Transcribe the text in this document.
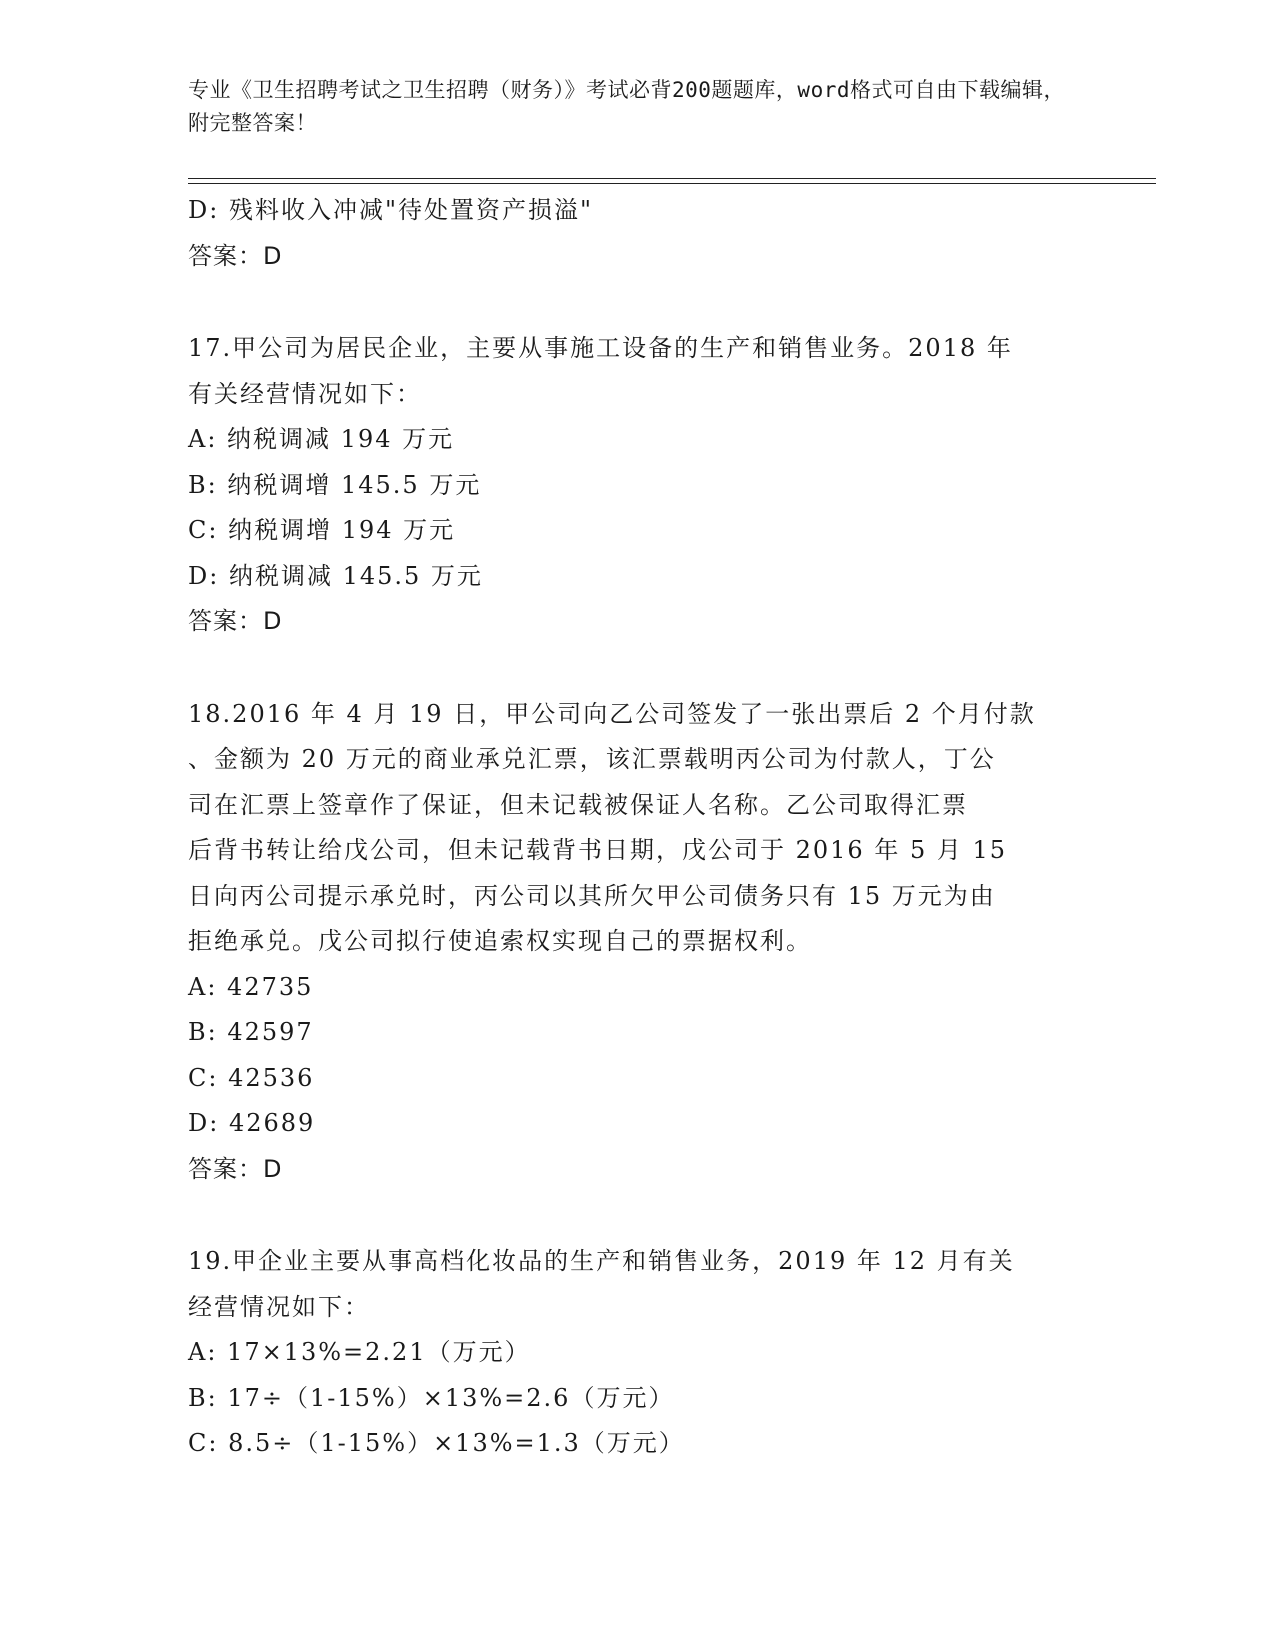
专业《卫生招聘考试之卫生招聘（财务）》考试必背200题题库，word格式可自由下载编辑，附完整答案！
D: 残料收入冲减"待处置资产损溢"
答案：D
17.甲公司为居民企业，主要从事施工设备的生产和销售业务。2018 年
有关经营情况如下：
A: 纳税调减 194 万元
B: 纳税调增 145.5 万元
C: 纳税调增 194 万元
D: 纳税调减 145.5 万元
答案：D
18.2016 年 4 月 19 日，甲公司向乙公司签发了一张出票后 2 个月付款
、金额为 20 万元的商业承兑汇票，该汇票载明丙公司为付款人，丁公
司在汇票上签章作了保证，但未记载被保证人名称。乙公司取得汇票
后背书转让给戊公司，但未记载背书日期，戊公司于 2016 年 5 月 15
日向丙公司提示承兑时，丙公司以其所欠甲公司债务只有 15 万元为由
拒绝承兑。戊公司拟行使追索权实现自己的票据权利。
A: 42735
B: 42597
C: 42536
D: 42689
答案：D
19.甲企业主要从事高档化妆品的生产和销售业务，2019 年 12 月有关
经营情况如下：
A: 17×13%=2.21（万元）
B: 17÷（1-15%）×13%=2.6（万元）
C: 8.5÷（1-15%）×13%=1.3（万元）
